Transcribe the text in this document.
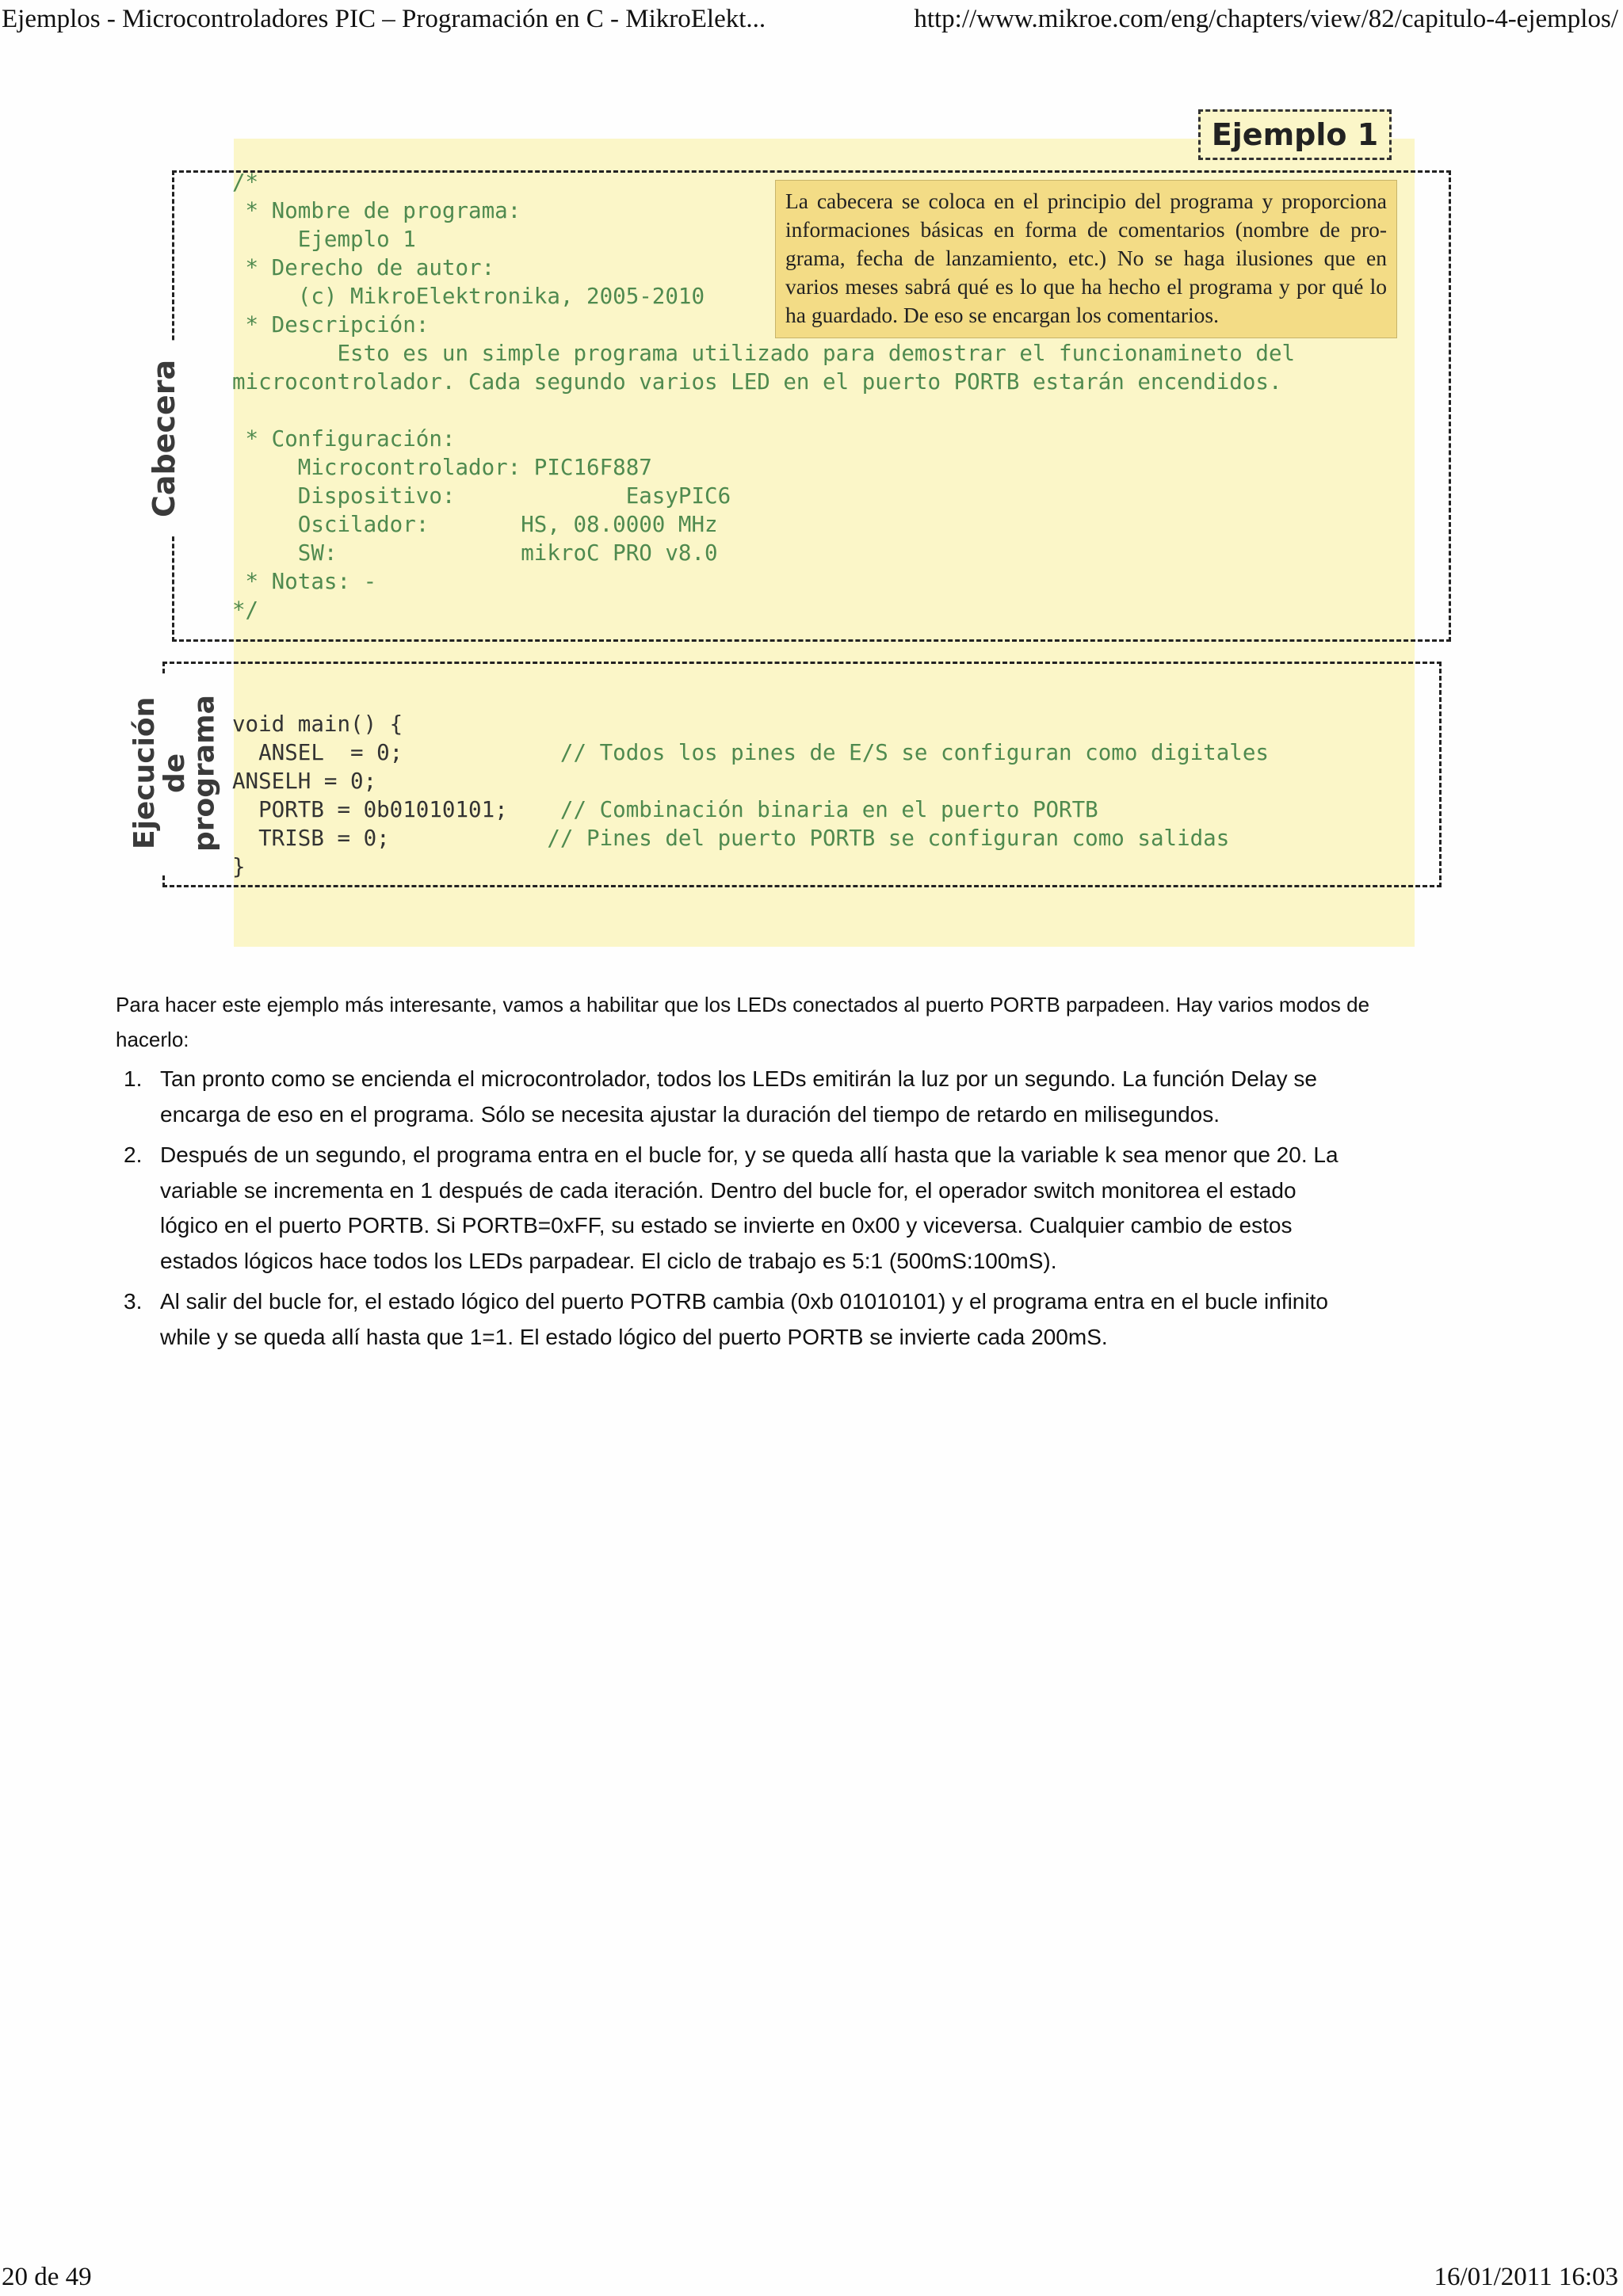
Ejemplos - Microcontroladores PIC – Programación en C - MikroElekt...	http://www.mikroe.com/eng/chapters/view/82/capitulo-4-ejemplos/
Ejemplo 1
Cabecera
Ejecución de programa
/*
* Nombre de programa:
Ejemplo 1
* Derecho de autor:
(c) MikroElektronika, 2005-2010
* Descripción:
Esto es un simple programa utilizado para demostrar el funcionamineto del
microcontrolador. Cada segundo varios LED en el puerto PORTB estarán encendidos.

* Configuración:
Microcontrolador: PIC16F887
Dispositivo:             EasyPIC6
Oscilador:       HS, 08.0000 MHz
SW:              mikroC PRO v8.0
* Notas: -
*/
La cabecera se coloca en el principio del programa y proporciona informaciones básicas en forma de comentarios (nombre de pro-grama, fecha de lanzamiento, etc.) No se haga ilusiones que en varios meses sabrá qué es lo que ha hecho el programa y por qué lo ha guardado. De eso se encargan los comentarios.
void main() {
ANSEL  = 0;            // Todos los pines de E/S se configuran como digitales
ANSELH = 0;
PORTB = 0b01010101;    // Combinación binaria en el puerto PORTB
TRISB = 0;            // Pines del puerto PORTB se configuran como salidas
}

Para hacer este ejemplo más interesante, vamos a habilitar que los LEDs conectados al puerto PORTB parpadeen. Hay varios modos de hacerlo:

1. Tan pronto como se encienda el microcontrolador, todos los LEDs emitirán la luz por un segundo. La función Delay se encarga de eso en el programa. Sólo se necesita ajustar la duración del tiempo de retardo en milisegundos.
2. Después de un segundo, el programa entra en el bucle for, y se queda allí hasta que la variable k sea menor que 20. La variable se incrementa en 1 después de cada iteración. Dentro del bucle for, el operador switch monitorea el estado lógico en el puerto PORTB. Si PORTB=0xFF, su estado se invierte en 0x00 y viceversa. Cualquier cambio de estos estados lógicos hace todos los LEDs parpadear. El ciclo de trabajo es 5:1 (500mS:100mS).
3. Al salir del bucle for, el estado lógico del puerto POTRB cambia (0xb 01010101) y el programa entra en el bucle infinito while y se queda allí hasta que 1=1. El estado lógico del puerto PORTB se invierte cada 200mS.
20 de 49	16/01/2011 16:03
